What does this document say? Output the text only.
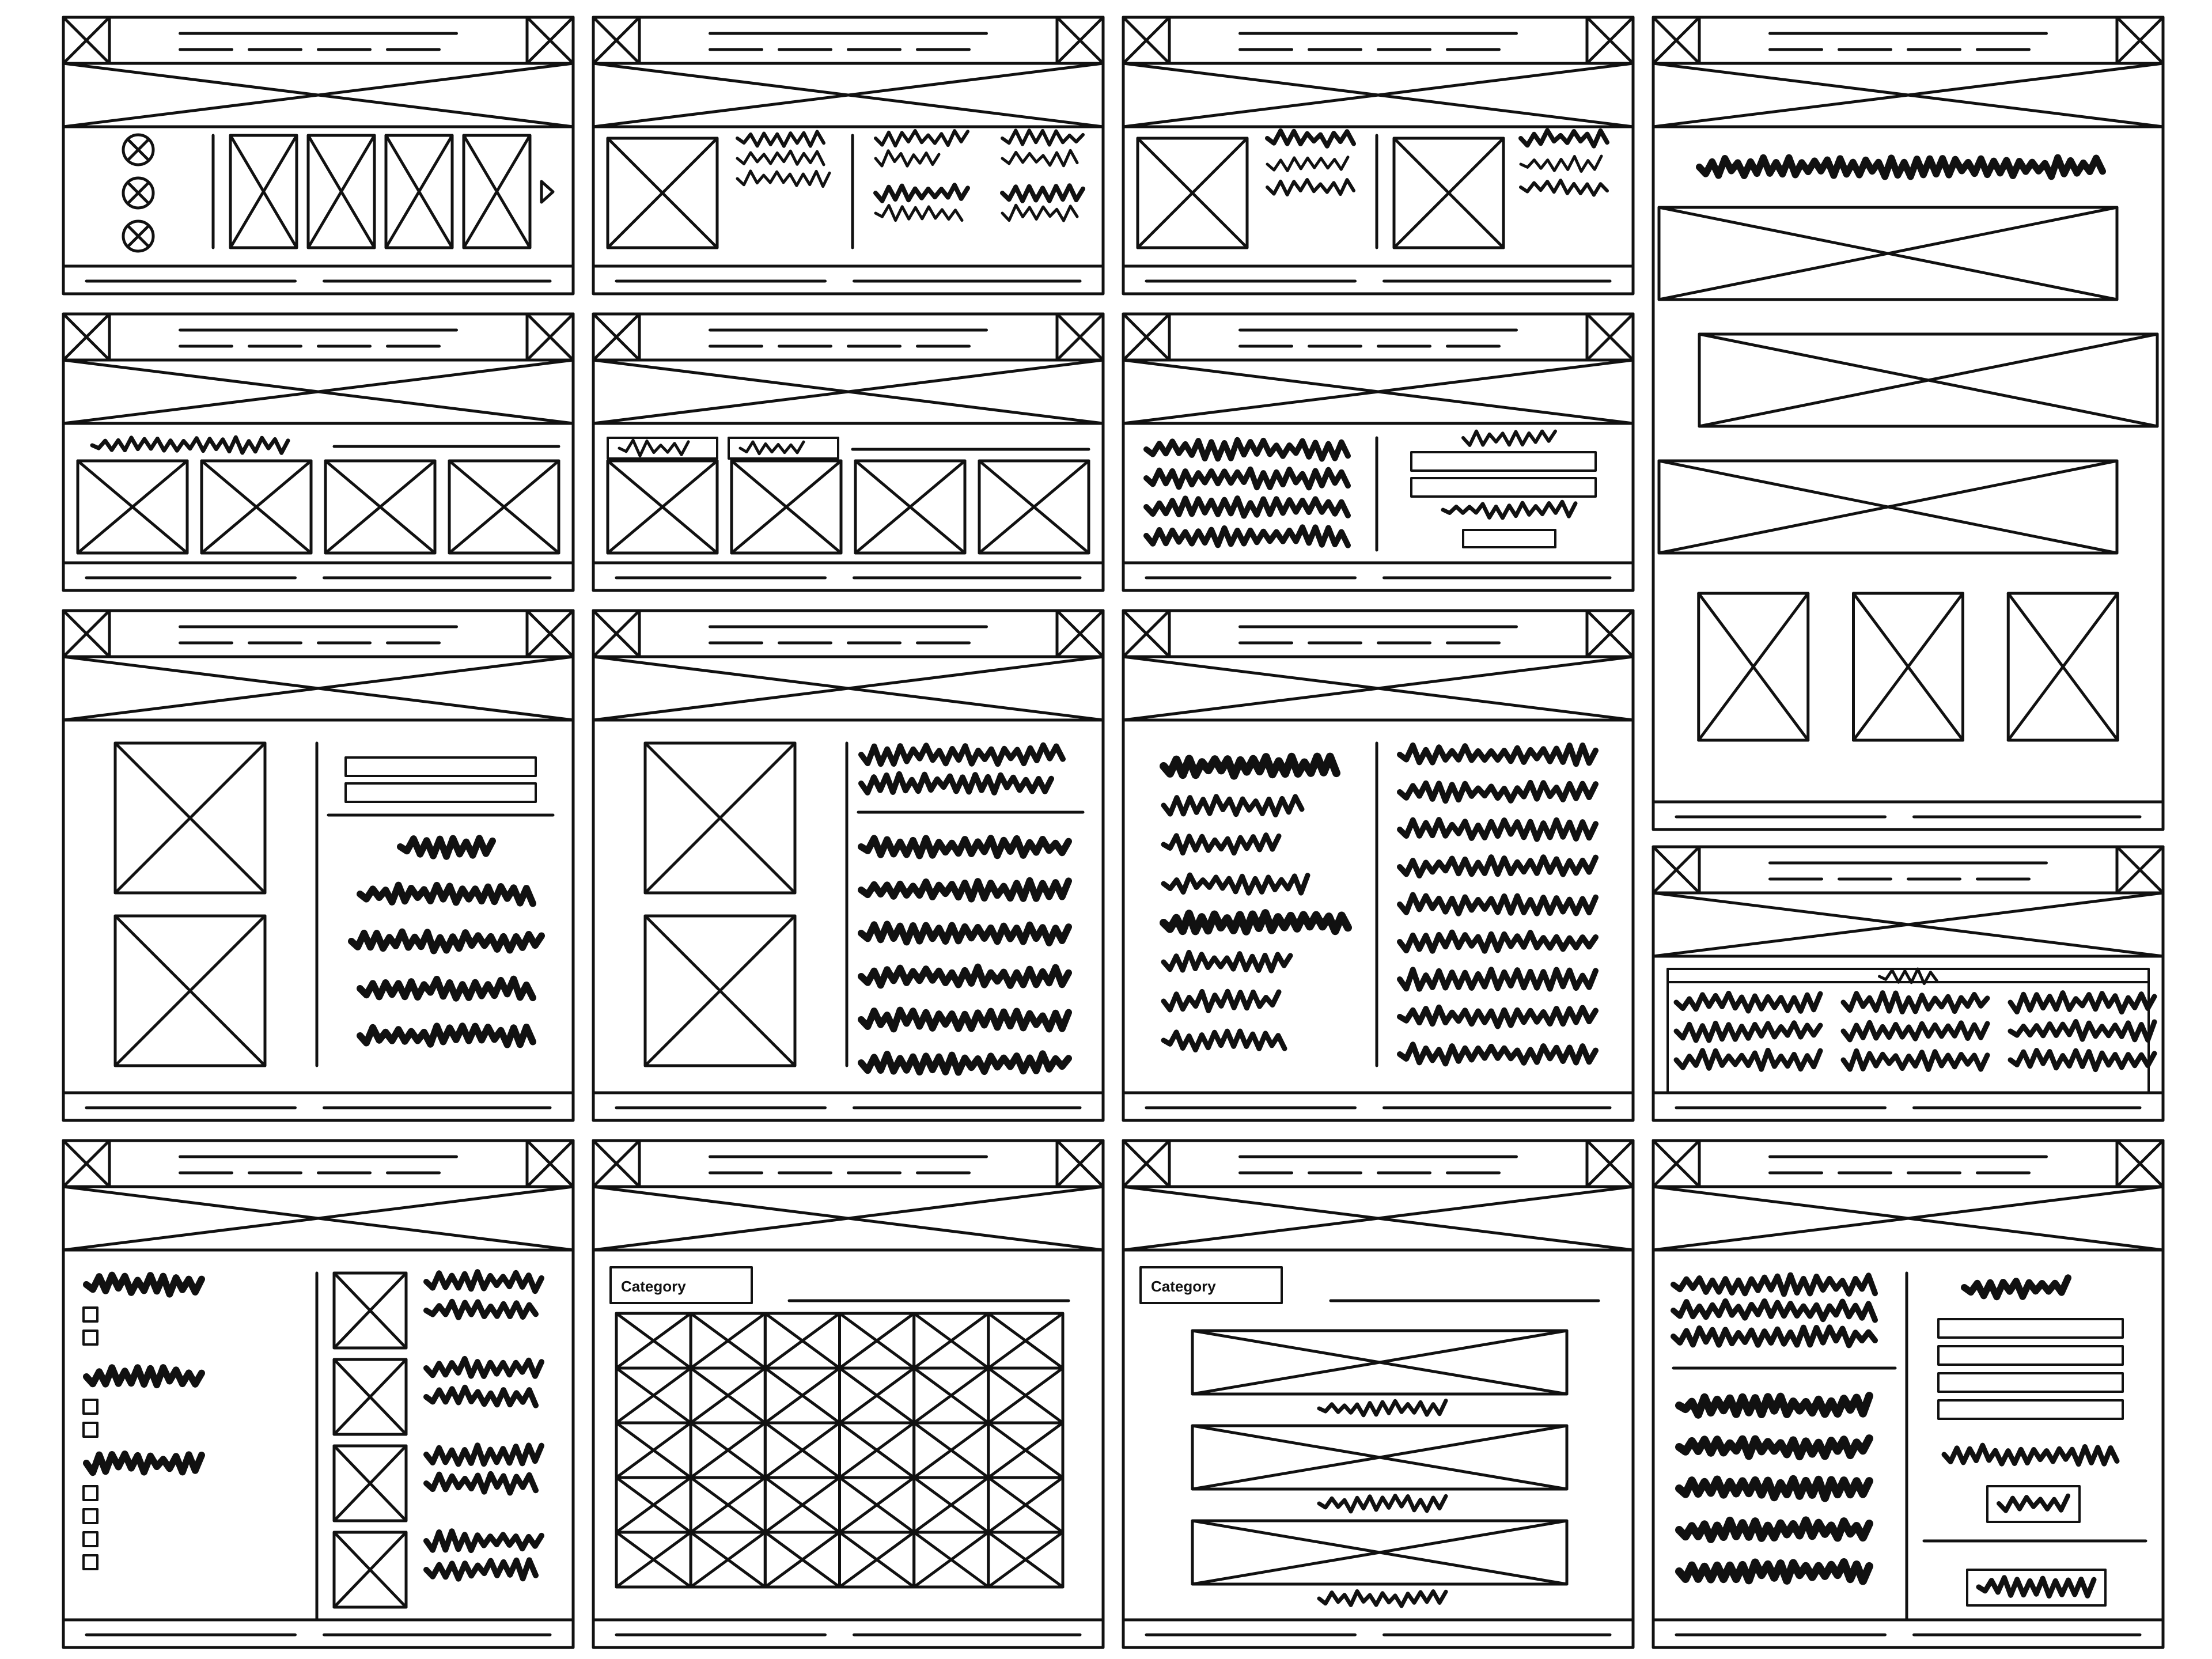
Category	Category
